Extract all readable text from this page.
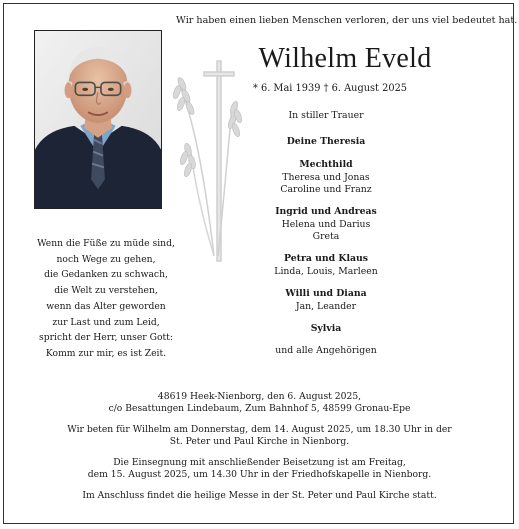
Wir haben einen lieben Menschen verloren, der uns viel bedeutet hat.
Wilhelm Eveld
* 6. Mai 1939 † 6. August 2025
Wenn die Füße zu müde sind,
noch Wege zu gehen,
die Gedanken zu schwach,
die Welt zu verstehen,
wenn das Alter geworden
zur Last und zum Leid,
spricht der Herr, unser Gott:
Komm zur mir, es ist Zeit.
In stiller Trauer
Deine Theresia
Mechthild
Theresa und Jonas
Caroline und Franz
Ingrid und Andreas
Helena und Darius
Greta
Petra und Klaus
Linda, Louis, Marleen
Willi und Diana
Jan, Leander
Sylvia
und alle Angehörigen
48619 Heek-Nienborg, den 6. August 2025,
c/o Besattungen Lindebaum, Zum Bahnhof 5, 48599 Gronau-Epe
Wir beten für Wilhelm am Donnerstag, dem 14. August 2025, um 18.30 Uhr in der
St. Peter und Paul Kirche in Nienborg.
Die Einsegnung mit anschließender Beisetzung ist am Freitag,
dem 15. August 2025, um 14.30 Uhr in der Friedhofskapelle in Nienborg.
Im Anschluss findet die heilige Messe in der St. Peter und Paul Kirche statt.
